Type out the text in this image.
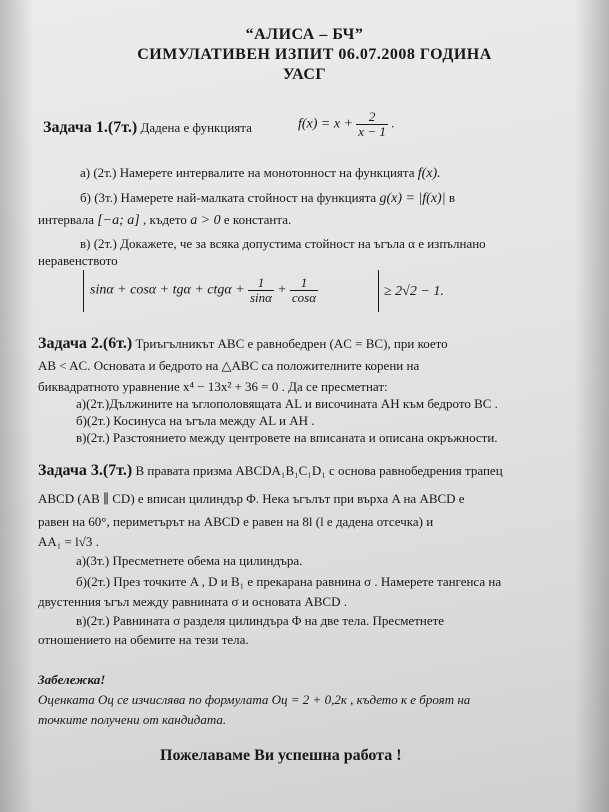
“АЛИСА – БЧ”
СИМУЛАТИВЕН ИЗПИТ 06.07.2008 ГОДИНА
УАСГ
Задача 1.(7т.) Дадена е функцията	$f(x) = x + \frac{2}{x - 1}$ .
а) (2т.) Намерете интервалите на монотонност на функцията f(x).
б) (3т.) Намерете най-малката стойност на функцията g(x) = |f(x)| в
интервала [−a; a] , където a > 0 е константа.
в) (2т.) Докажете, че за всяка допустима стойност на ъгъла α е изпълнано
неравенството
$\sin\alpha + \cos\alpha + tg\alpha + ctg\alpha + \frac{1}{\sin\alpha} + \frac{1}{\cos\alpha}$	≥ 2√2 − 1.
Задача 2.(6т.) Триъгълникът ABC е равнобедрен (AC = BC), при което
AB < AC. Основата и бедрото на △ABC са положителните корени на
биквадратното уравнение x⁴ − 13x² + 36 = 0 . Да се пресметнат:
а)(2т.)Дължините на ъглополовящата AL и височината AH към бедрото BC .
б)(2т.) Косинуса на ъгъла между AL и AH .
в)(2т.) Разстоянието между центровете на вписаната и описана окръжности.
Задача 3.(7т.) В правата призма ABCDA₁B₁C₁D₁ с основа равнобедрения трапец
ABCD (AB ∥ CD) е вписан цилиндър Φ. Нека ъгълът при върха A на ABCD е
равен на 60°, периметърът на ABCD е равен на 8l (l е дадена отсечка) и
AA₁ = l√3 .
а)(3т.) Пресметнете обема на цилиндъра.
б)(2т.) През точките A , D и B₁ е прекарана равнина σ . Намерете тангенса на
двустенния ъгъл между равнината σ и основата ABCD .
в)(2т.) Равнината σ разделя цилиндъра Φ на две тела. Пресметнете
отношението на обемите на тези тела.
Забележка!
Оценката Оц се изчислява по формулата Оц = 2 + 0,2к , където к е броят на
точките получени от кандидата.
Пожелаваме Ви успешна работа !
